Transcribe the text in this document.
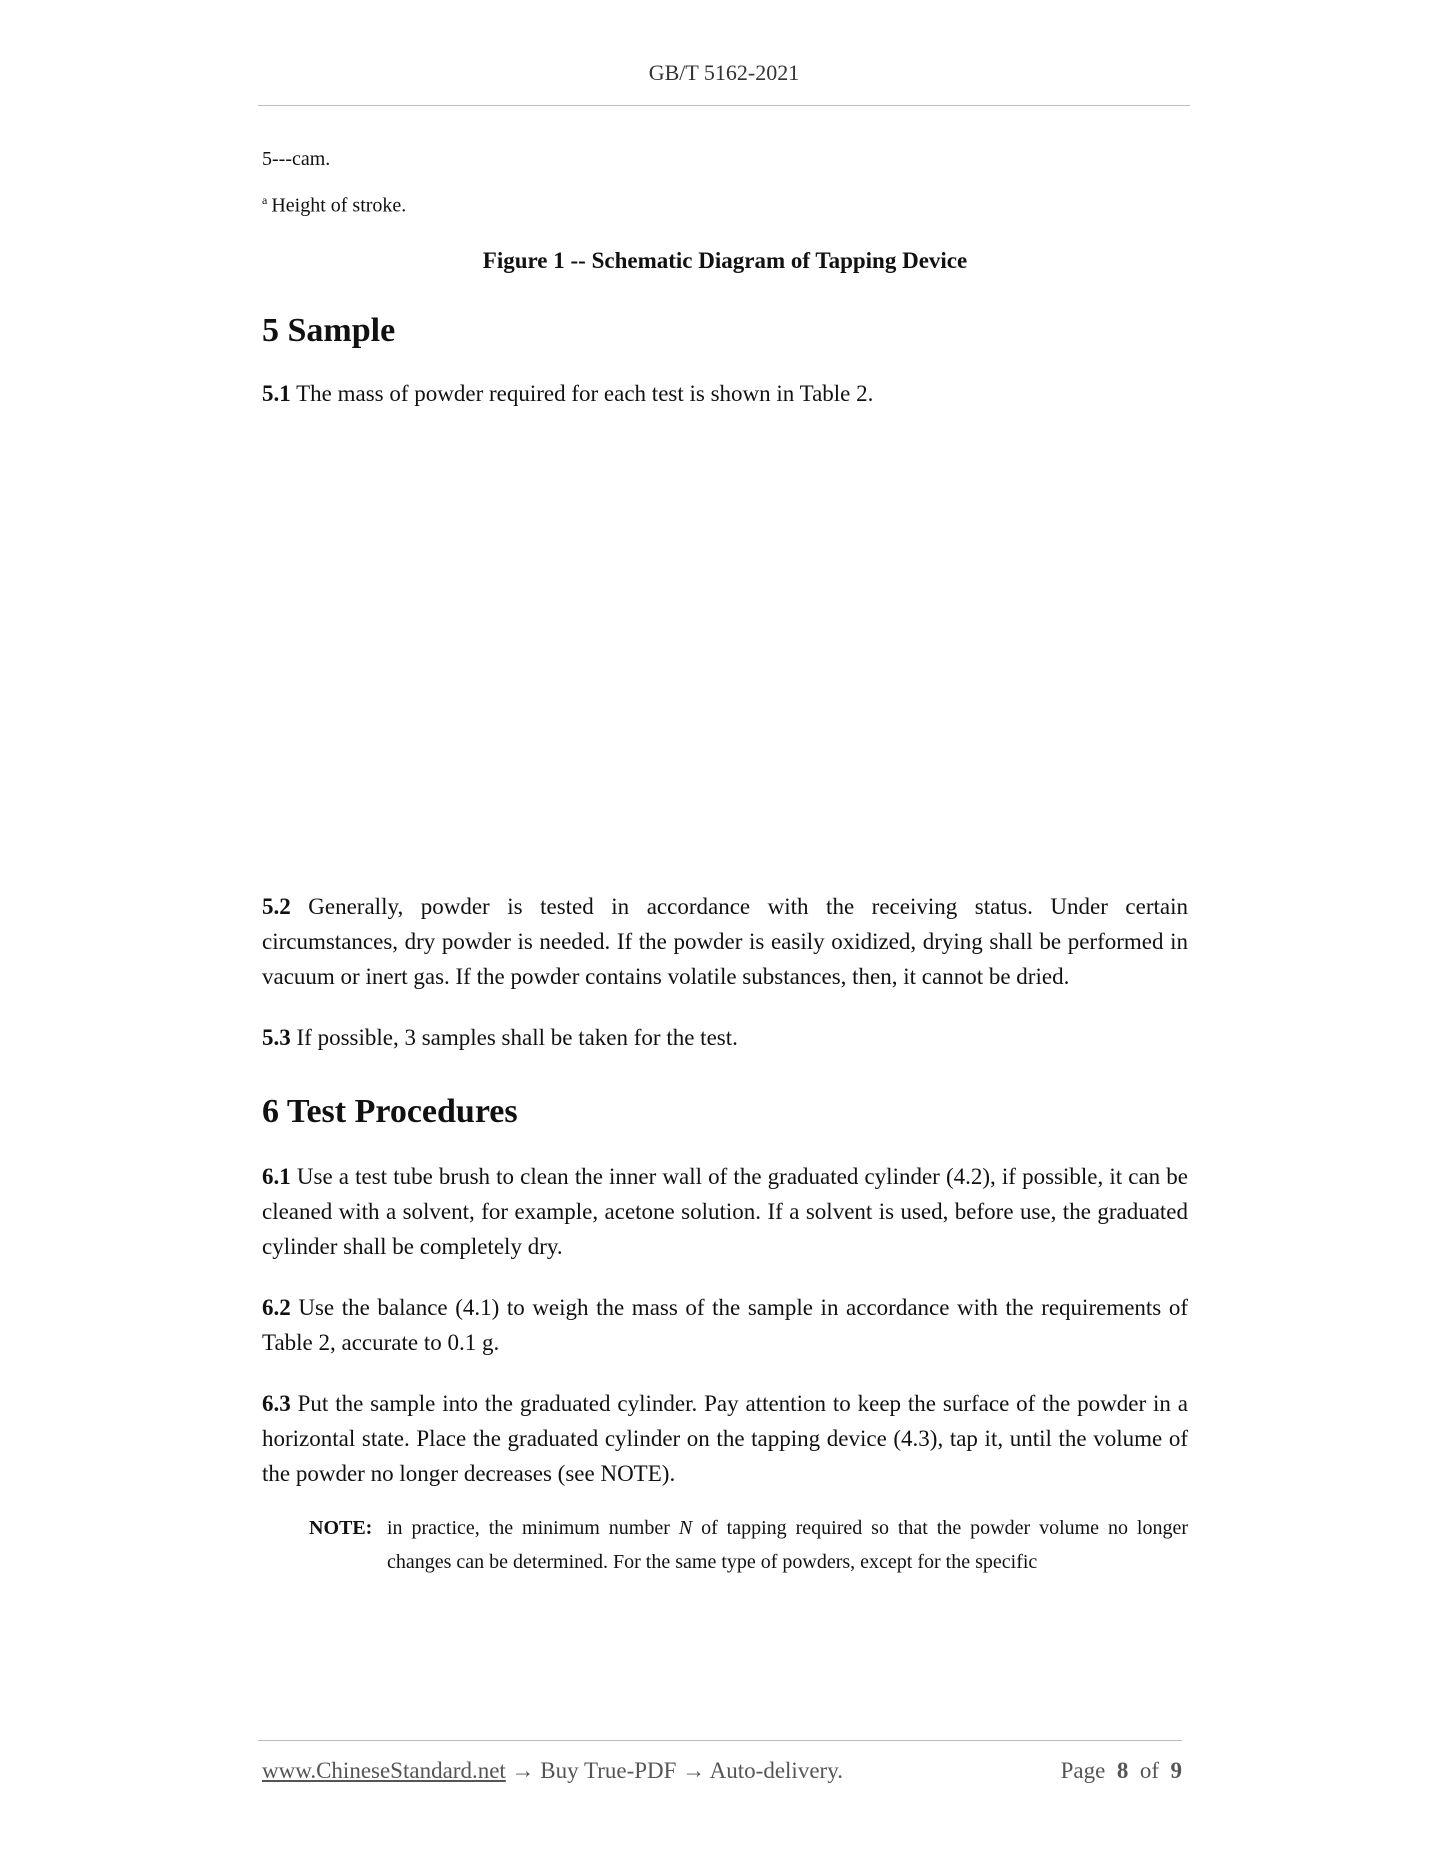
GB/T 5162-2021

5---cam.

$^a$ Height of stroke.

Figure 1 -- Schematic Diagram of Tapping Device

5 Sample

5.1 The mass of powder required for each test is shown in Table 2.

5.2 Generally, powder is tested in accordance with the receiving status. Under certain circumstances, dry powder is needed. If the powder is easily oxidized, drying shall be performed in vacuum or inert gas. If the powder contains volatile substances, then, it cannot be dried.

5.3 If possible, 3 samples shall be taken for the test.

6 Test Procedures

6.1 Use a test tube brush to clean the inner wall of the graduated cylinder (4.2), if possible, it can be cleaned with a solvent, for example, acetone solution. If a solvent is used, before use, the graduated cylinder shall be completely dry.

6.2 Use the balance (4.1) to weigh the mass of the sample in accordance with the requirements of Table 2, accurate to 0.1 g.

6.3 Put the sample into the graduated cylinder. Pay attention to keep the surface of the powder in a horizontal state. Place the graduated cylinder on the tapping device (4.3), tap it, until the volume of the powder no longer decreases (see NOTE).

NOTE: in practice, the minimum number N of tapping required so that the powder volume no longer changes can be determined. For the same type of powders, except for the specific

www.ChineseStandard.net → Buy True-PDF → Auto-delivery.	Page 8 of 9
